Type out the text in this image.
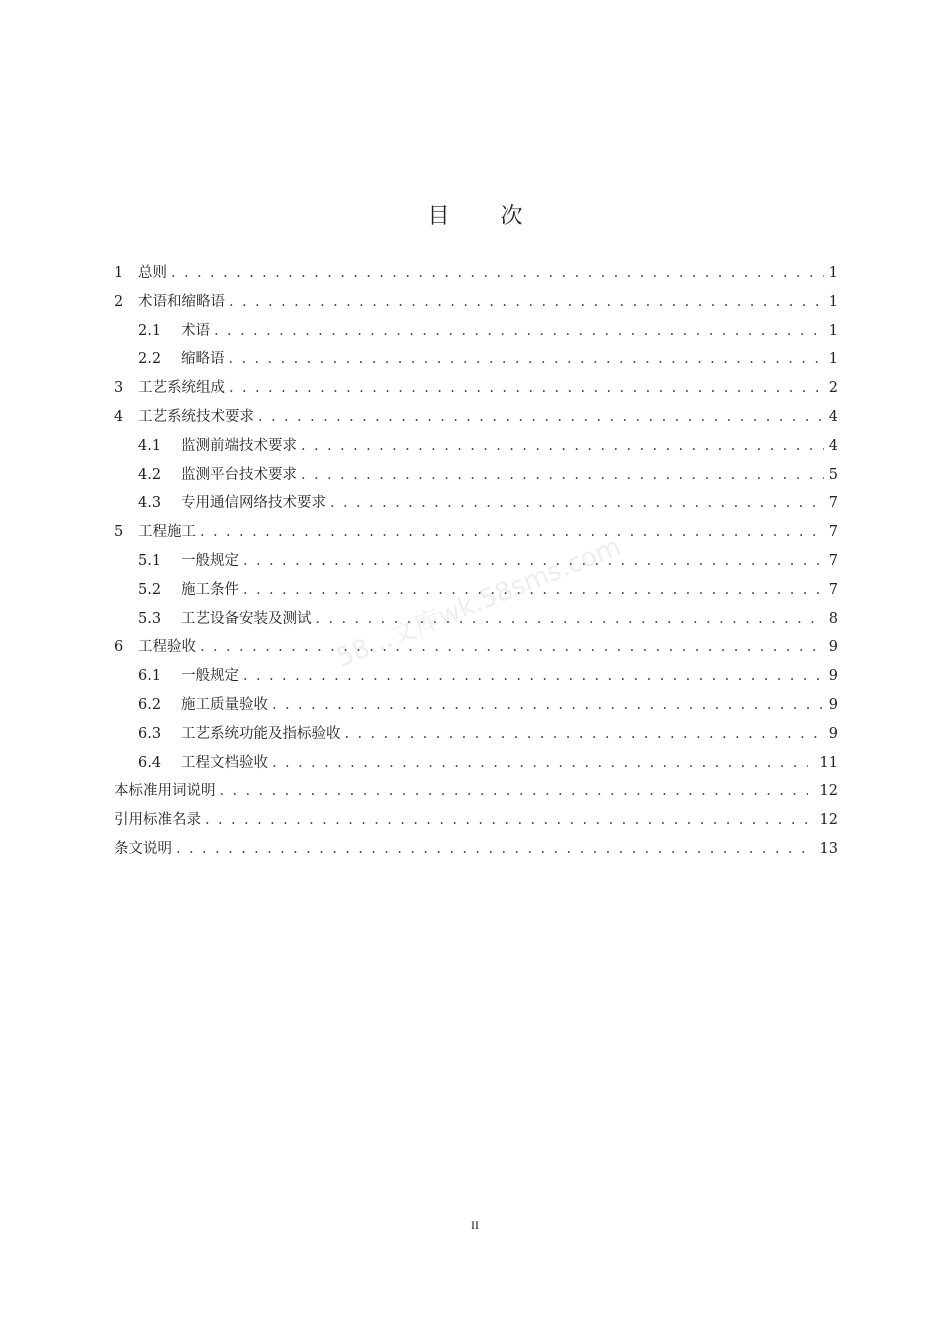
目 次
1	总则 . . .	1
2	术语和缩略语 . . .	1
2.1	术语 . . .	1
2.2	缩略语 . . .	1
3	工艺系统组成 . . .	2
4	工艺系统技术要求 . . .	4
4.1	监测前端技术要求 . . .	4
4.2	监测平台技术要求 . . .	5
4.3	专用通信网络技术要求 . . .	7
5	工程施工 . . .	7
5.1	一般规定 . . .	7
5.2	施工条件 . . .	7
5.3	工艺设备安装及测试 . . .	8
6	工程验收 . . .	9
6.1	一般规定 . . .	9
6.2	施工质量验收 . . .	9
6.3	工艺系统功能及指标验收 . . .	9
6.4	工程文档验收 . . .	11
本标准用词说明 . . .	12
引用标准名录 . . .	12
条文说明 . . .	13
58...文库wk.58sms.com
II
